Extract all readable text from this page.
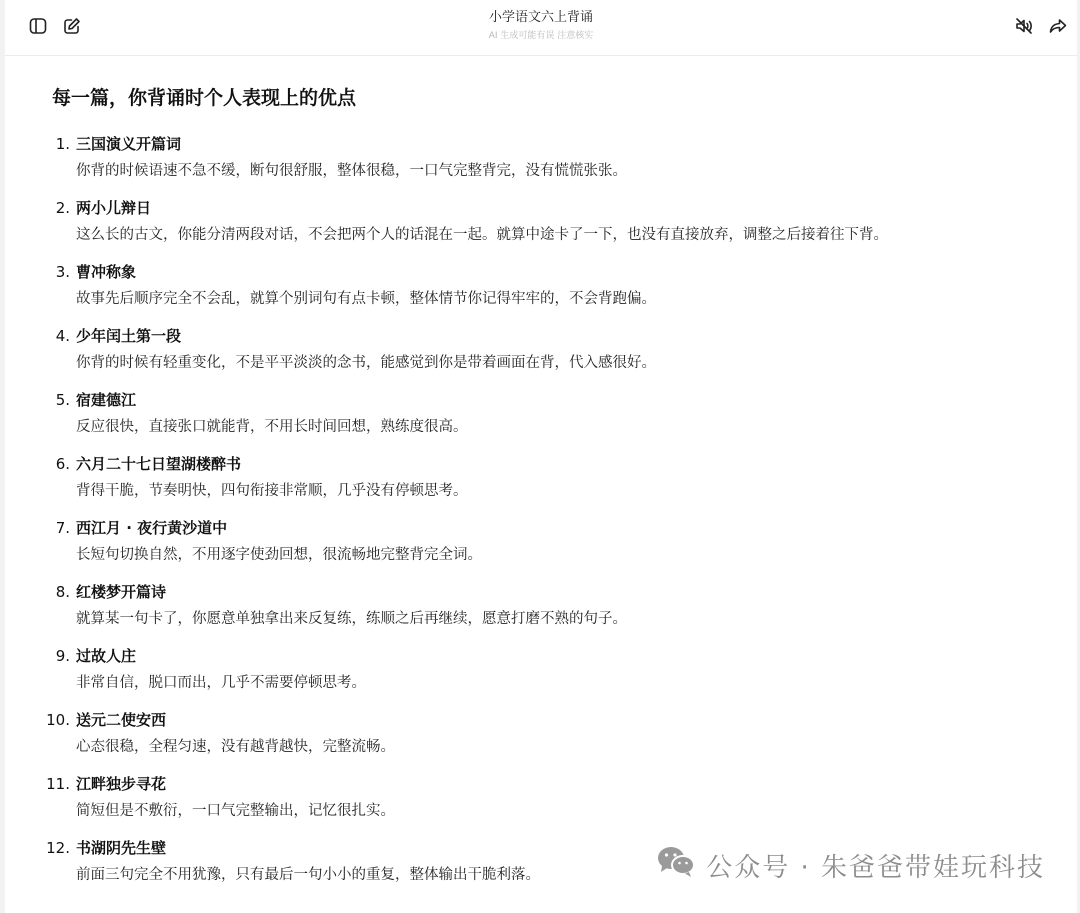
小学语文六上背诵
AI 生成可能有误 注意核实
每一篇，你背诵时个人表现上的优点
1. 三国演义开篇词
你背的时候语速不急不缓，断句很舒服，整体很稳，一口气完整背完，没有慌慌张张。
2. 两小儿辩日
这么长的古文，你能分清两段对话，不会把两个人的话混在一起。就算中途卡了一下，也没有直接放弃，调整之后接着往下背。
3. 曹冲称象
故事先后顺序完全不会乱，就算个别词句有点卡顿，整体情节你记得牢牢的，不会背跑偏。
4. 少年闰土第一段
你背的时候有轻重变化，不是平平淡淡的念书，能感觉到你是带着画面在背，代入感很好。
5. 宿建德江
反应很快，直接张口就能背，不用长时间回想，熟练度很高。
6. 六月二十七日望湖楼醉书
背得干脆，节奏明快，四句衔接非常顺，几乎没有停顿思考。
7. 西江月 · 夜行黄沙道中
长短句切换自然，不用逐字使劲回想，很流畅地完整背完全词。
8. 红楼梦开篇诗
就算某一句卡了，你愿意单独拿出来反复练，练顺之后再继续，愿意打磨不熟的句子。
9. 过故人庄
非常自信，脱口而出，几乎不需要停顿思考。
10. 送元二使安西
心态很稳，全程匀速，没有越背越快，完整流畅。
11. 江畔独步寻花
简短但是不敷衍，一口气完整输出，记忆很扎实。
12. 书湖阴先生壁
前面三句完全不用犹豫，只有最后一句小小的重复，整体输出干脆利落。	公众号 · 朱爸爸带娃玩科技
